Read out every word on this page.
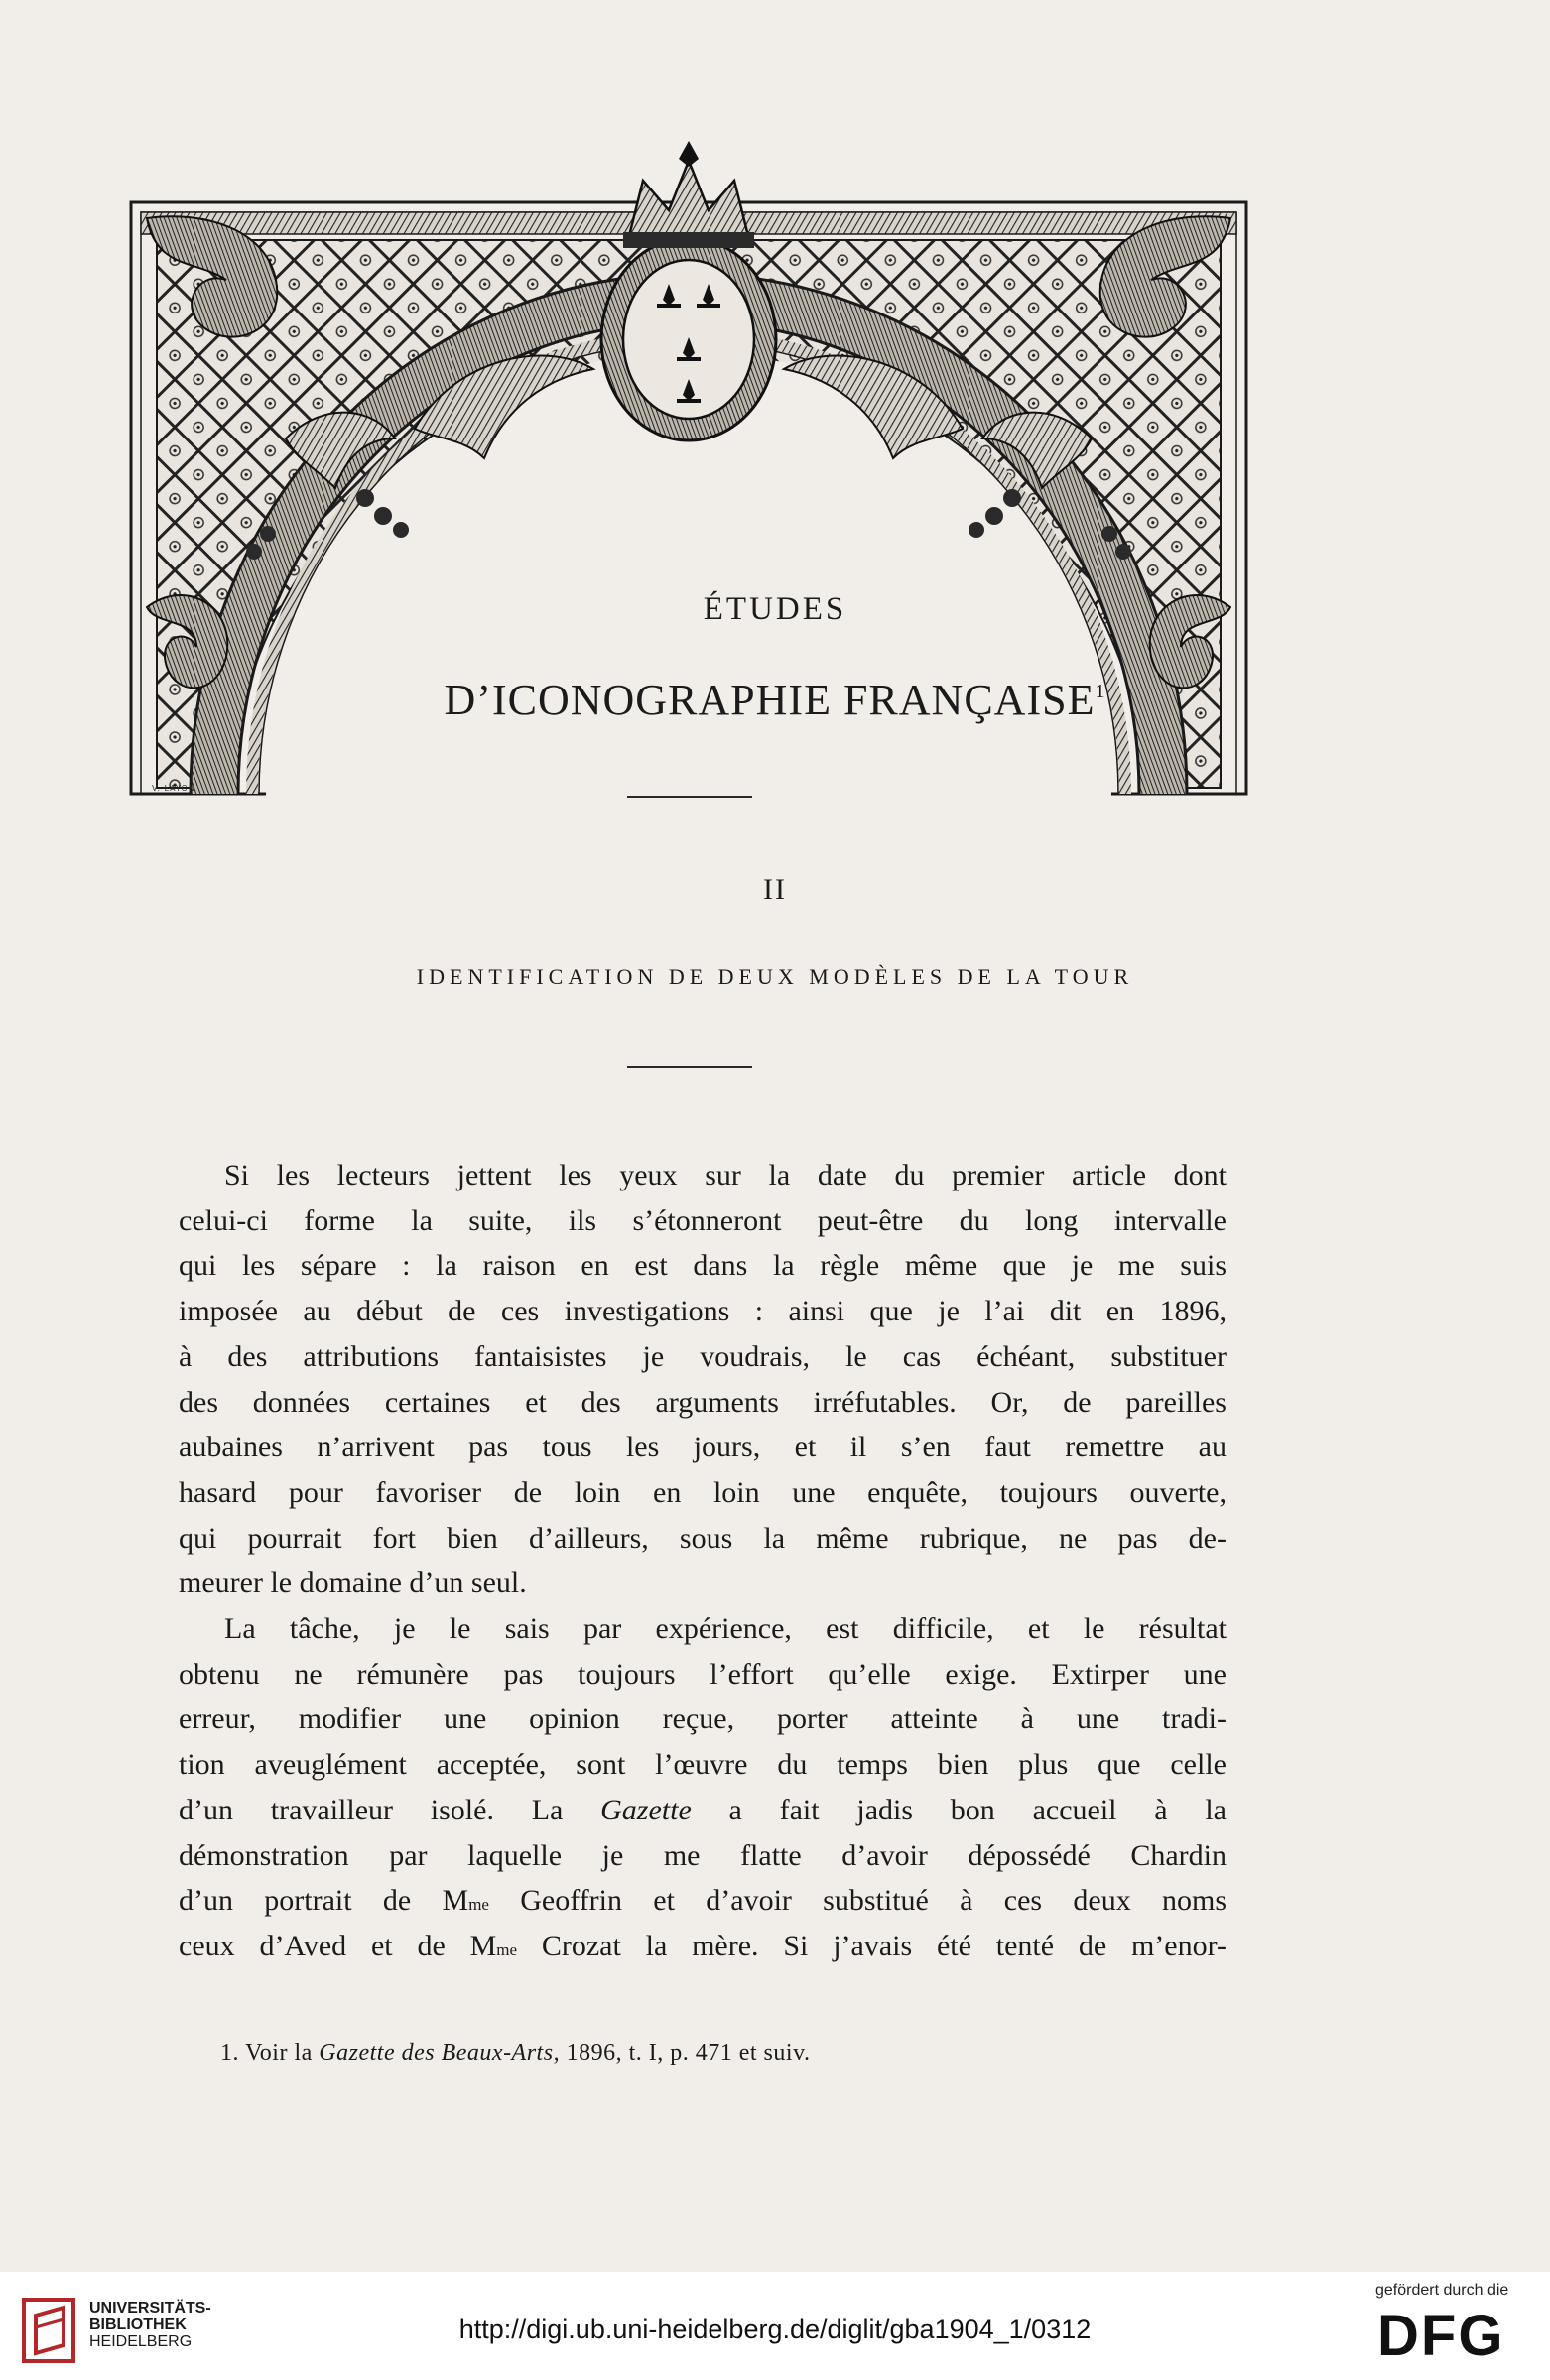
V. LAYON
ÉTUDES
D’ICONOGRAPHIE FRANÇAISE$^1$
II
IDENTIFICATION DE DEUX MODÈLES DE LA TOUR
Si les lecteurs jettent les yeux sur la date du premier article dont
celui-ci forme la suite, ils s’étonneront peut-être du long intervalle
qui les sépare : la raison en est dans la règle même que je me suis
imposée au début de ces investigations : ainsi que je l’ai dit en 1896,
à des attributions fantaisistes je voudrais, le cas échéant, substituer
des données certaines et des arguments irréfutables. Or, de pareilles
aubaines n’arrivent pas tous les jours, et il s’en faut remettre au
hasard pour favoriser de loin en loin une enquête, toujours ouverte,
qui pourrait fort bien d’ailleurs, sous la même rubrique, ne pas de-
meurer le domaine d’un seul.
La tâche, je le sais par expérience, est difficile, et le résultat
obtenu ne rémunère pas toujours l’effort qu’elle exige. Extirper une
erreur, modifier une opinion reçue, porter atteinte à une tradi-
tion aveuglément acceptée, sont l’œuvre du temps bien plus que celle
d’un travailleur isolé. La Gazette a fait jadis bon accueil à la
démonstration par laquelle je me flatte d’avoir dépossédé Chardin
d’un portrait de $M^{me}$ Geoffrin et d’avoir substitué à ces deux noms
ceux d’Aved et de $M^{me}$ Crozat la mère. Si j’avais été tenté de m’enor-
1. Voir la Gazette des Beaux-Arts, 1896, t. I, p. 471 et suiv.
UNIVERSITÄTS-
BIBLIOTHEK
HEIDELBERG	http://digi.ub.uni-heidelberg.de/diglit/gba1904_1/0312
gefördert durch die
DFG
